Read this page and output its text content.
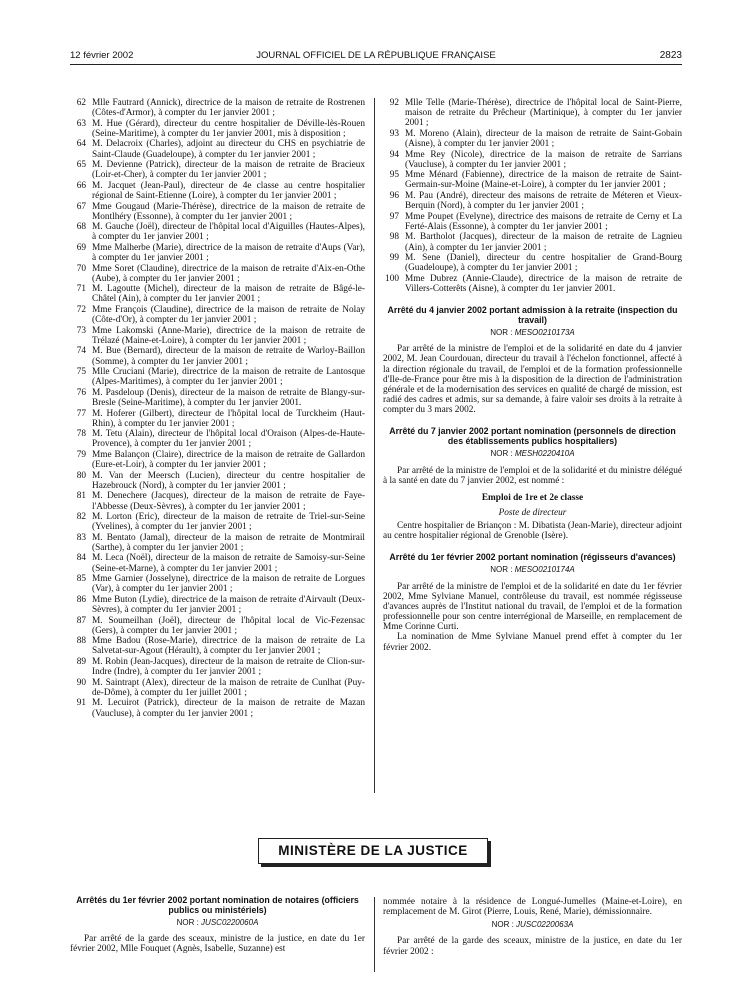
12 février 2002	JOURNAL OFFICIEL DE LA RÉPUBLIQUE FRANÇAISE	2823
62 Mlle Fautrard (Annick), directrice de la maison de retraite de Rostrenen (Côtes-d'Armor), à compter du 1er janvier 2001 ;
63 M. Hue (Gérard), directeur du centre hospitalier de Déville-lès-Rouen (Seine-Maritime), à compter du 1er janvier 2001, mis à disposition ;
64 M. Delacroix (Charles), adjoint au directeur du CHS en psychiatrie de Saint-Claude (Guadeloupe), à compter du 1er janvier 2001 ;
65 M. Devienne (Patrick), directeur de la maison de retraite de Bracieux (Loir-et-Cher), à compter du 1er janvier 2001 ;
66 M. Jacquet (Jean-Paul), directeur de 4e classe au centre hospitalier régional de Saint-Etienne (Loire), à compter du 1er janvier 2001 ;
67 Mme Gougaud (Marie-Thérèse), directrice de la maison de retraite de Montlhéry (Essonne), à compter du 1er janvier 2001 ;
68 M. Gauche (Joël), directeur de l'hôpital local d'Aiguilles (Hautes-Alpes), à compter du 1er janvier 2001 ;
69 Mme Malherbe (Marie), directrice de la maison de retraite d'Aups (Var), à compter du 1er janvier 2001 ;
70 Mme Soret (Claudine), directrice de la maison de retraite d'Aix-en-Othe (Aube), à compter du 1er janvier 2001 ;
71 M. Lagoutte (Michel), directeur de la maison de retraite de Bâgé-le-Châtel (Ain), à compter du 1er janvier 2001 ;
72 Mme François (Claudine), directrice de la maison de retraite de Nolay (Côte-d'Or), à compter du 1er janvier 2001 ;
73 Mme Lakomski (Anne-Marie), directrice de la maison de retraite de Trélazé (Maine-et-Loire), à compter du 1er janvier 2001 ;
74 M. Bue (Bernard), directeur de la maison de retraite de Warloy-Baillon (Somme), à compter du 1er janvier 2001 ;
75 Mlle Cruciani (Marie), directrice de la maison de retraite de Lantosque (Alpes-Maritimes), à compter du 1er janvier 2001 ;
76 M. Pasdeloup (Denis), directeur de la maison de retraite de Blangy-sur-Bresle (Seine-Maritime), à compter du 1er janvier 2001.
77 M. Hoferer (Gilbert), directeur de l'hôpital local de Turckheim (Haut-Rhin), à compter du 1er janvier 2001 ;
78 M. Tetu (Alain), directeur de l'hôpital local d'Oraison (Alpes-de-Haute-Provence), à compter du 1er janvier 2001 ;
79 Mme Balançon (Claire), directrice de la maison de retraite de Gallardon (Eure-et-Loir), à compter du 1er janvier 2001 ;
80 M. Van der Meersch (Lucien), directeur du centre hospitalier de Hazebrouck (Nord), à compter du 1er janvier 2001 ;
81 M. Denechere (Jacques), directeur de la maison de retraite de Faye-l'Abbesse (Deux-Sèvres), à compter du 1er janvier 2001 ;
82 M. Lorton (Eric), directeur de la maison de retraite de Triel-sur-Seine (Yvelines), à compter du 1er janvier 2001 ;
83 M. Bentato (Jamal), directeur de la maison de retraite de Montmirail (Sarthe), à compter du 1er janvier 2001 ;
84 M. Leca (Noël), directeur de la maison de retraite de Samoisy-sur-Seine (Seine-et-Marne), à compter du 1er janvier 2001 ;
85 Mme Garnier (Josselyne), directrice de la maison de retraite de Lorgues (Var), à compter du 1er janvier 2001 ;
86 Mme Buton (Lydie), directrice de la maison de retraite d'Airvault (Deux-Sèvres), à compter du 1er janvier 2001 ;
87 M. Soumeilhan (Joël), directeur de l'hôpital local de Vic-Fezensac (Gers), à compter du 1er janvier 2001 ;
88 Mme Badou (Rose-Marie), directrice de la maison de retraite de La Salvetat-sur-Agout (Hérault), à compter du 1er janvier 2001 ;
89 M. Robin (Jean-Jacques), directeur de la maison de retraite de Clion-sur-Indre (Indre), à compter du 1er janvier 2001 ;
90 M. Saintrapt (Alex), directeur de la maison de retraite de Cunlhat (Puy-de-Dôme), à compter du 1er juillet 2001 ;
91 M. Lecuirot (Patrick), directeur de la maison de retraite de Mazan (Vaucluse), à compter du 1er janvier 2001 ;
92 Mlle Telle (Marie-Thérèse), directrice de l'hôpital local de Saint-Pierre, maison de retraite du Prêcheur (Martinique), à compter du 1er janvier 2001 ;
93 M. Moreno (Alain), directeur de la maison de retraite de Saint-Gobain (Aisne), à compter du 1er janvier 2001 ;
94 Mme Rey (Nicole), directrice de la maison de retraite de Sarrians (Vaucluse), à compter du 1er janvier 2001 ;
95 Mme Ménard (Fabienne), directrice de la maison de retraite de Saint-Germain-sur-Moine (Maine-et-Loire), à compter du 1er janvier 2001 ;
96 M. Pau (André), directeur des maisons de retraite de Méteren et Vieux-Berquin (Nord), à compter du 1er janvier 2001 ;
97 Mme Poupet (Evelyne), directrice des maisons de retraite de Cerny et La Ferté-Alais (Essonne), à compter du 1er janvier 2001 ;
98 M. Bartholot (Jacques), directeur de la maison de retraite de Lagnieu (Ain), à compter du 1er janvier 2001 ;
99 M. Sene (Daniel), directeur du centre hospitalier de Grand-Bourg (Guadeloupe), à compter du 1er janvier 2001 ;
100 Mme Dubrez (Annie-Claude), directrice de la maison de retraite de Villers-Cotterêts (Aisne), à compter du 1er janvier 2001.
Arrêté du 4 janvier 2002 portant admission à la retraite (inspection du travail)
NOR : MESO0210173A

Par arrêté de la ministre de l'emploi et de la solidarité en date du 4 janvier 2002, M. Jean Courdouan, directeur du travail à l'échelon fonctionnel, affecté à la direction régionale du travail, de l'emploi et de la formation professionnelle d'Ile-de-France pour être mis à la disposition de la direction de l'administration générale et de la modernisation des services en qualité de chargé de mission, est radié des cadres et admis, sur sa demande, à faire valoir ses droits à la retraite à compter du 3 mars 2002.

Arrêté du 7 janvier 2002 portant nomination (personnels de direction des établissements publics hospitaliers)
NOR : MESH0220410A

Par arrêté de la ministre de l'emploi et de la solidarité et du ministre délégué à la santé en date du 7 janvier 2002, est nommé :

Emploi de 1re et 2e classe
Poste de directeur

Centre hospitalier de Briançon : M. Dibatista (Jean-Marie), directeur adjoint au centre hospitalier régional de Grenoble (Isère).

Arrêté du 1er février 2002 portant nomination (régisseurs d'avances)
NOR : MESO0210174A

Par arrêté de la ministre de l'emploi et de la solidarité en date du 1er février 2002, Mme Sylviane Manuel, contrôleuse du travail, est nommée régisseuse d'avances auprès de l'Institut national du travail, de l'emploi et de la formation professionnelle pour son centre interrégional de Marseille, en remplacement de Mme Corinne Curti.

La nomination de Mme Sylviane Manuel prend effet à compter du 1er février 2002.

MINISTÈRE DE LA JUSTICE
Arrêtés du 1er février 2002 portant nomination de notaires (officiers publics ou ministériels)
NOR : JUSC0220060A

Par arrêté de la garde des sceaux, ministre de la justice, en date du 1er février 2002, Mlle Fouquet (Agnès, Isabelle, Suzanne) est

nommée notaire à la résidence de Longué-Jumelles (Maine-et-Loire), en remplacement de M. Girot (Pierre, Louis, René, Marie), démissionnaire.

NOR : JUSC0220063A

Par arrêté de la garde des sceaux, ministre de la justice, en date du 1er février 2002 :
